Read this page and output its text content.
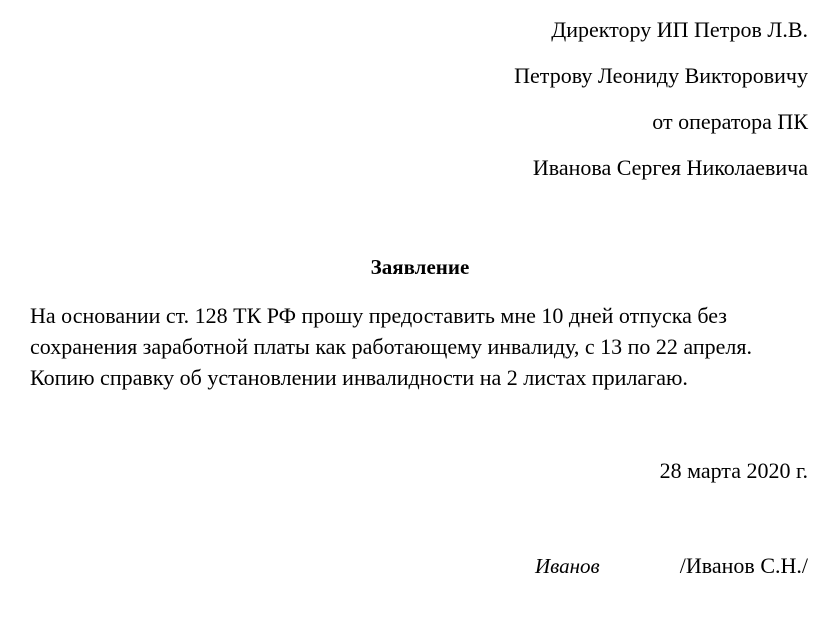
Директору ИП Петров Л.В.
Петрову Леониду Викторовичу
от оператора ПК
Иванова Сергея Николаевича
Заявление
На основании ст. 128 ТК РФ прошу предоставить мне 10 дней отпуска без
сохранения заработной платы как работающему инвалиду, с 13 по 22 апреля.
Копию справку об установлении инвалидности на 2 листах прилагаю.
28 марта 2020 г.
Иванов	/Иванов С.Н./
